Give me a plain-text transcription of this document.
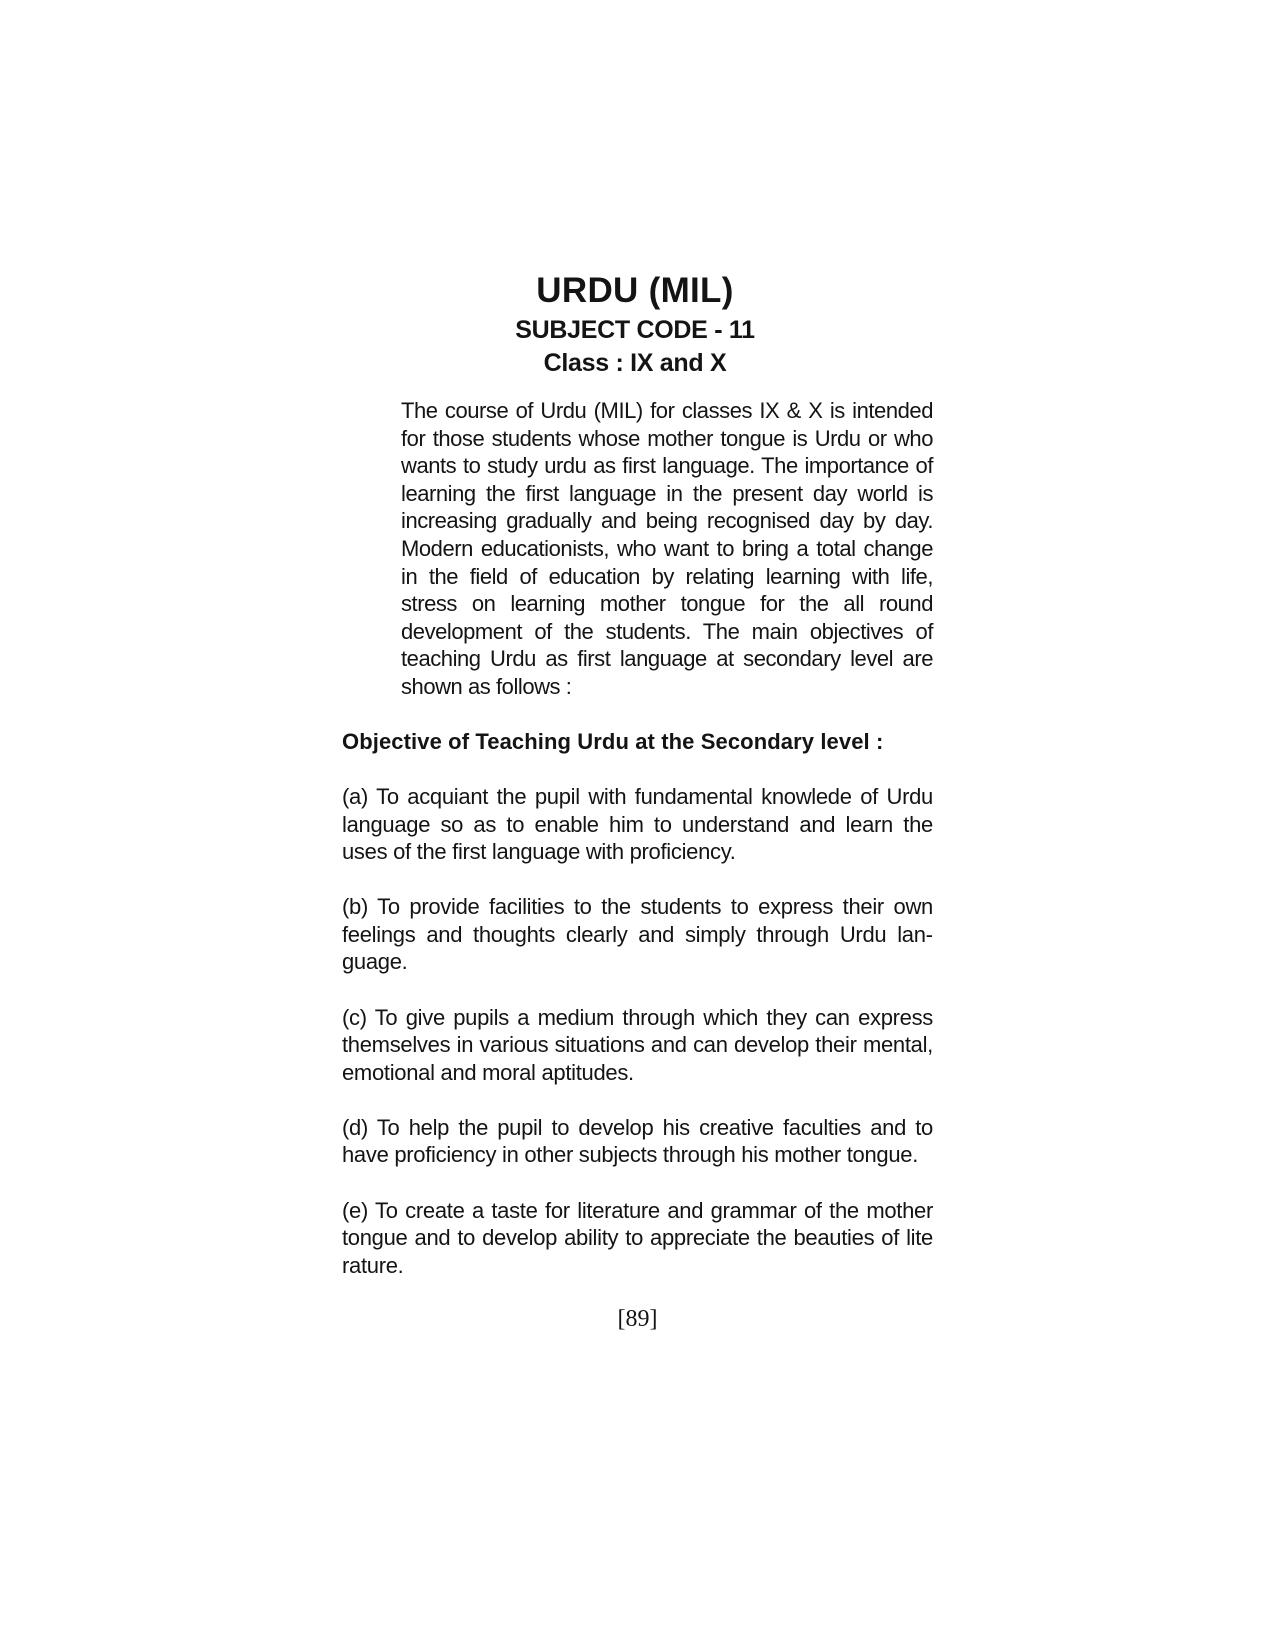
URDU (MIL)
SUBJECT CODE - 11
Class : IX and X

The course of Urdu (MIL) for classes IX & X is intended for those students whose mother tongue is Urdu or who wants to study urdu as first language. The importance of learning the first language in the present day world is increasing gradually and being recognised day by day. Modern educationists, who want to bring a total change in the field of education by relating learning with life, stress on learning mother tongue for the all round development of the students. The main objectives of teaching Urdu as first language at secondary level are shown as follows :

Objective of Teaching Urdu at the Secondary level :

(a) To acquiant the pupil with fundamental knowlede of Urdu language so as to enable him to understand and learn the uses of the first language with proficiency.

(b) To provide facilities to the students to express their own feelings and thoughts clearly and simply through Urdu language.

(c) To give pupils a medium through which they can express themselves in various situations and can develop their mental, emotional and moral aptitudes.

(d) To help the pupil to develop his creative faculties and to have proficiency in other subjects through his mother tongue.

(e) To create a taste for literature and grammar of the mother tongue and to develop ability to appreciate the beauties of lite                    rature.

[89]
